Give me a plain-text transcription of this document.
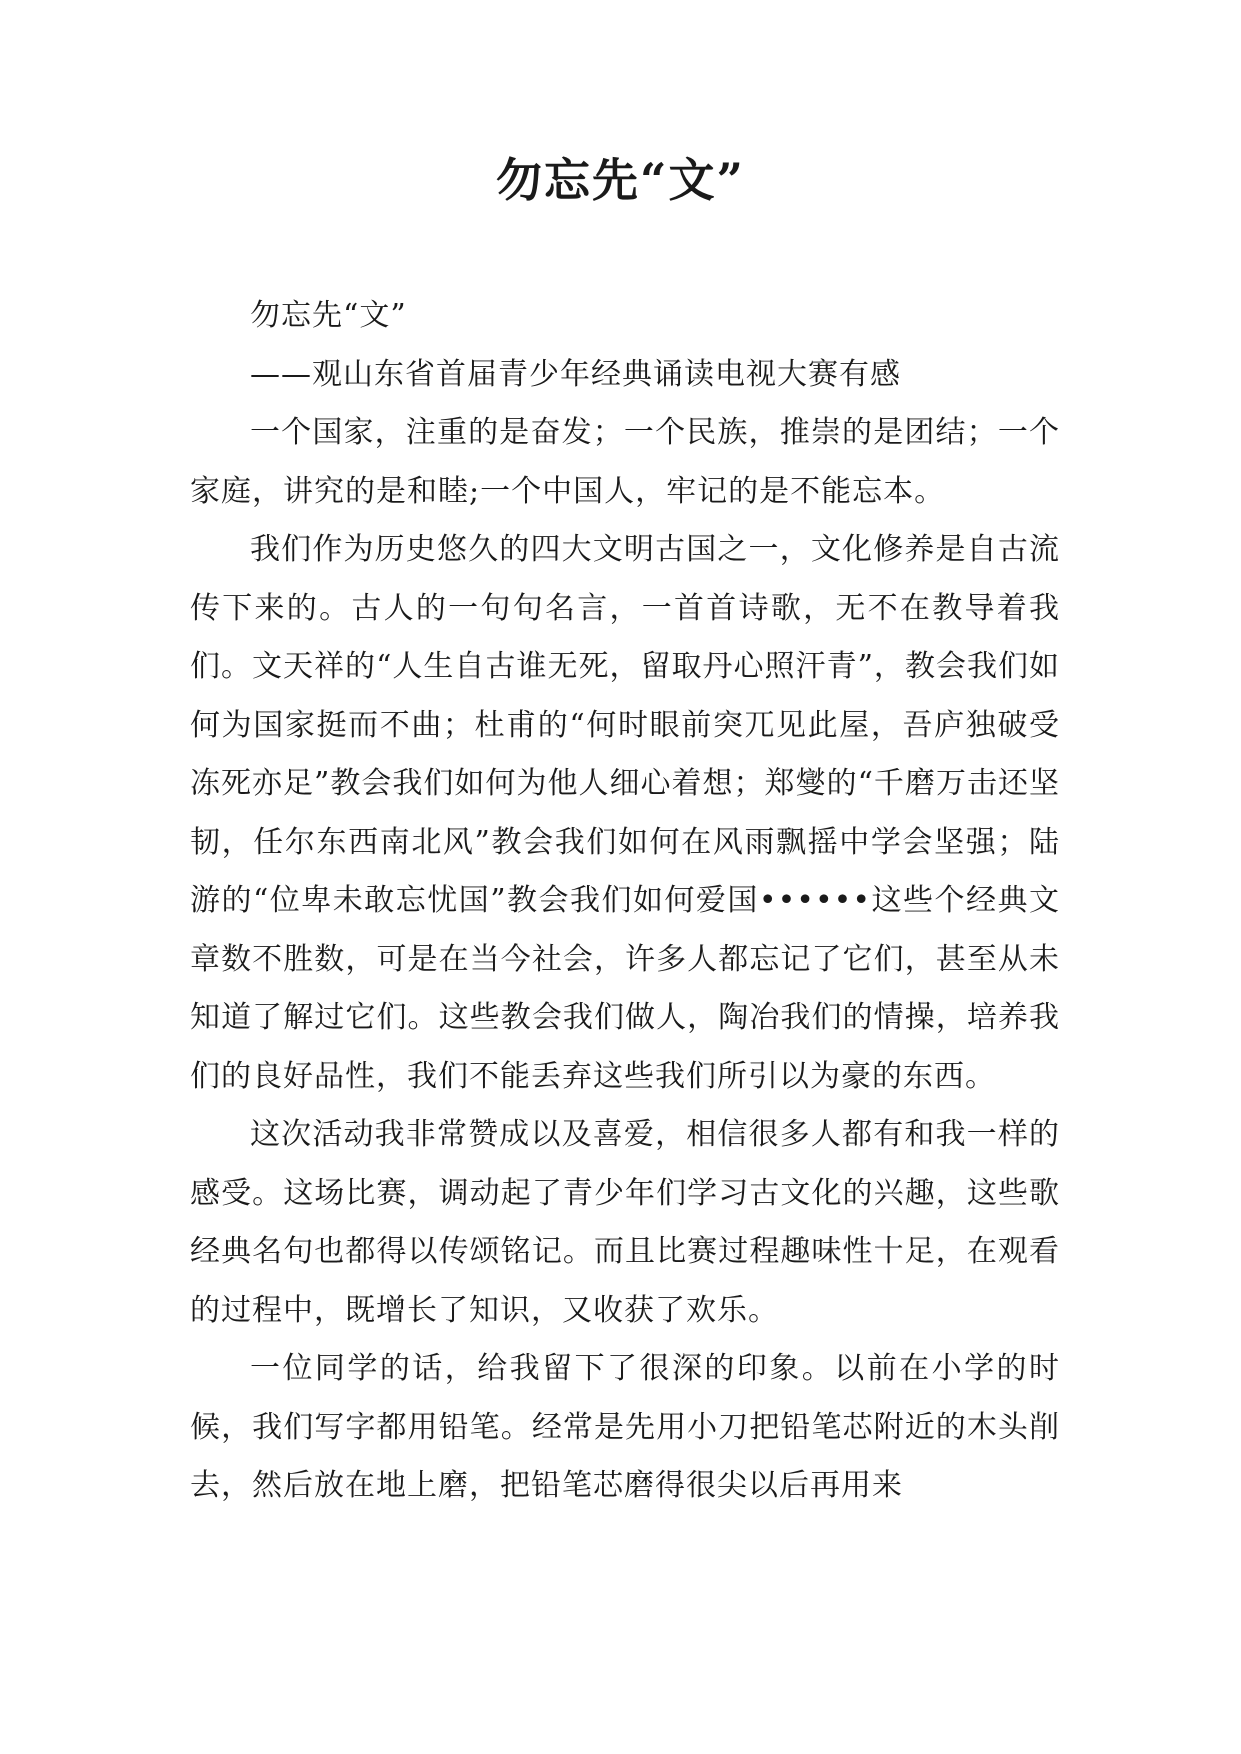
勿忘先“文”

勿忘先“文”

——观山东省首届青少年经典诵读电视大赛有感

一个国家，注重的是奋发；一个民族，推崇的是团结；一个家庭，讲究的是和睦;一个中国人，牢记的是不能忘本。

我们作为历史悠久的四大文明古国之一，文化修养是自古流传下来的。古人的一句句名言，一首首诗歌，无不在教导着我们。文天祥的“人生自古谁无死，留取丹心照汗青”，教会我们如何为国家挺而不曲；杜甫的“何时眼前突兀见此屋，吾庐独破受冻死亦足”教会我们如何为他人细心着想；郑燮的“千磨万击还坚韧，任尔东西南北风”教会我们如何在风雨飘摇中学会坚强；陆游的“位卑未敢忘忧国”教会我们如何爱国••••••这些个经典文章数不胜数，可是在当今社会，许多人都忘记了它们，甚至从未知道了解过它们。这些教会我们做人，陶冶我们的情操，培养我们的良好品性，我们不能丢弃这些我们所引以为豪的东西。

这次活动我非常赞成以及喜爱，相信很多人都有和我一样的感受。这场比赛，调动起了青少年们学习古文化的兴趣，这些歌经典名句也都得以传颂铭记。而且比赛过程趣味性十足，在观看的过程中，既增长了知识，又收获了欢乐。

一位同学的话，给我留下了很深的印象。以前在小学的时候，我们写字都用铅笔。经常是先用小刀把铅笔芯附近的木头削去，然后放在地上磨，把铅笔芯磨得很尖以后再用来
